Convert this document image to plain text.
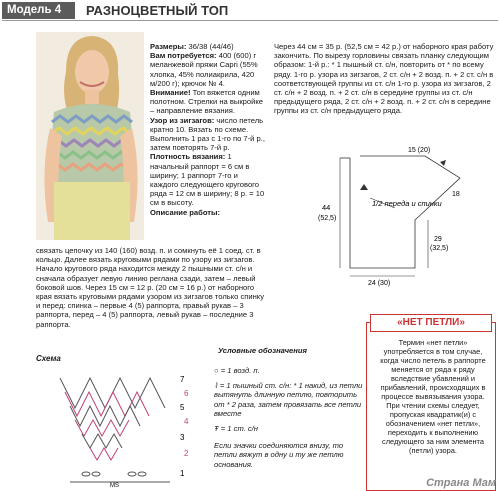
Модель 4	РАЗНОЦВЕТНЫЙ ТОП
Размеры: 36/38 (44/46)
Вам потребуется: 400 (600) г меланжевой пряжи Capri (55% хлопка, 45% полиакрила, 420 м/200 г); крючок № 4.
Внимание! Топ вяжется одним полотном. Стрелки на выкройке – направление вязания.
Узор из зигзагов: число петель кратно 10. Вязать по схеме. Выполнить 1 раз с 1-го по 7-й р., затем повторять 7-й р.
Плотность вязания: 1 начальный раппорт = 6 см в ширину; 1 раппорт 7-го и каждого следующего кругового ряда = 12 см в ширину; 8 р. = 10 см в высоту.
Описание работы:
связать цепочку из 140 (160) возд. п. и сомкнуть её 1 соед. ст. в кольцо. Далее вязать круговыми рядами по узору из зигзагов. Начало кругового ряда находится между 2 пышными ст. с/н и сначала образует левую линию реглана сзади, затем – левый боковой шов. Через 15 см = 12 р. (20 см = 16 р.) от наборного края вязать круговыми рядами узором из зигзагов только спинку и перед: спинка – первые 4 (5) раппорта, правый рукав – 3 раппорта, перед – 4 (5) раппорта, левый рукав – последние 3 раппорта.
Через 44 см = 35 р. (52,5 см = 42 р.) от наборного края работу закончить. По вырезу горловины связать планку следующим образом: 1-й р.: * 1 пышный ст. с/н, повторить от * по всему ряду. 1-го р. узора из зигзагов, 2 ст. с/н + 2 возд. п. + 2 ст. с/н в соответствующей группы из ст. с/н 1-го р. узора из зигзагов, 2 ст. с/н + 2 возд. п. + 2 ст. с/н в середине группы из ст. с/н предыдущего ряда, 2 ст. с/н + 2 возд. п. + 2 ст. с/н в середине группы из ст. с/н предыдущего ряда.
1/2 переда и спинки
44
(52,5)
15 (20)
18
29
(32,5)
24 (30)
Схема
7
6
5
4
3
2
1
MS
Условные обозначения
○ = 1 возд. п.
⌇ = 1 пышный ст. с/н: * 1 накид, из петли вытянуть длинную петлю, повторить от * 2 раза, затем провязать все петли вместе
Ŧ = 1 ст. с/н
Если значки соединяются внизу, то петли вяжут в одну и ту же петлю основания.
«НЕТ ПЕТЛИ»
Термин «нет петли» употребляется в том случае, когда число петель в раппорте меняется от ряда к ряду вследствие убавлений и прибавлений, происходящих в процессе вывязывания узора. При чтении схемы следует, пропуская квадратик(и) с обозначением «нет петли», переходить к выполнению следующего за ним элемента (петли) узора.
Страна Мам
